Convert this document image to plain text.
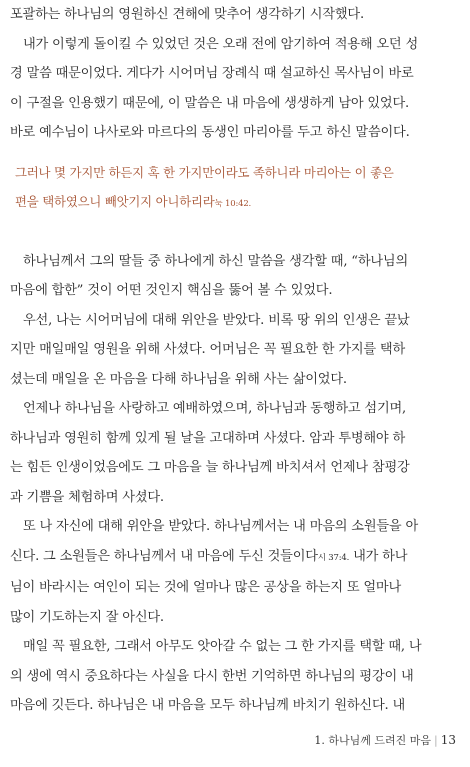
포괄하는 하나님의 영원하신 견해에 맞추어 생각하기 시작했다.
　내가 이렇게 돌이킬 수 있었던 것은 오래 전에 암기하여 적용해 오던 성
경 말씀 때문이었다. 게다가 시어머님 장례식 때 설교하신 목사님이 바로
이 구절을 인용했기 때문에, 이 말씀은 내 마음에 생생하게 남아 있었다.
바로 예수님이 나사로와 마르다의 동생인 마리아를 두고 하신 말씀이다.
그러나 몇 가지만 하든지 혹 한 가지만이라도 족하니라 마리아는 이 좋은
편을 택하였으니 빼앗기지 아니하리라눅 10:42.
　하나님께서 그의 딸들 중 하나에게 하신 말씀을 생각할 때, “하나님의
마음에 합한” 것이 어떤 것인지 핵심을 뚫어 볼 수 있었다.
　우선, 나는 시어머님에 대해 위안을 받았다. 비록 땅 위의 인생은 끝났
지만 매일매일 영원을 위해 사셨다. 어머님은 꼭 필요한 한 가지를 택하
셨는데 매일을 온 마음을 다해 하나님을 위해 사는 삶이었다.
　언제나 하나님을 사랑하고 예배하였으며, 하나님과 동행하고 섬기며,
하나님과 영원히 함께 있게 될 날을 고대하며 사셨다. 암과 투병해야 하
는 힘든 인생이었음에도 그 마음을 늘 하나님께 바치셔서 언제나 참평강
과 기쁨을 체험하며 사셨다.
　또 나 자신에 대해 위안을 받았다. 하나님께서는 내 마음의 소원들을 아
신다. 그 소원들은 하나님께서 내 마음에 두신 것들이다시 37:4. 내가 하나
님이 바라시는 여인이 되는 것에 얼마나 많은 공상을 하는지 또 얼마나
많이 기도하는지 잘 아신다.
　매일 꼭 필요한, 그래서 아무도 앗아갈 수 없는 그 한 가지를 택할 때, 나
의 생에 역시 중요하다는 사실을 다시 한번 기억하면 하나님의 평강이 내
마음에 깃든다. 하나님은 내 마음을 모두 하나님께 바치기 원하신다. 내
1. 하나님께 드려진 마음 | 13
